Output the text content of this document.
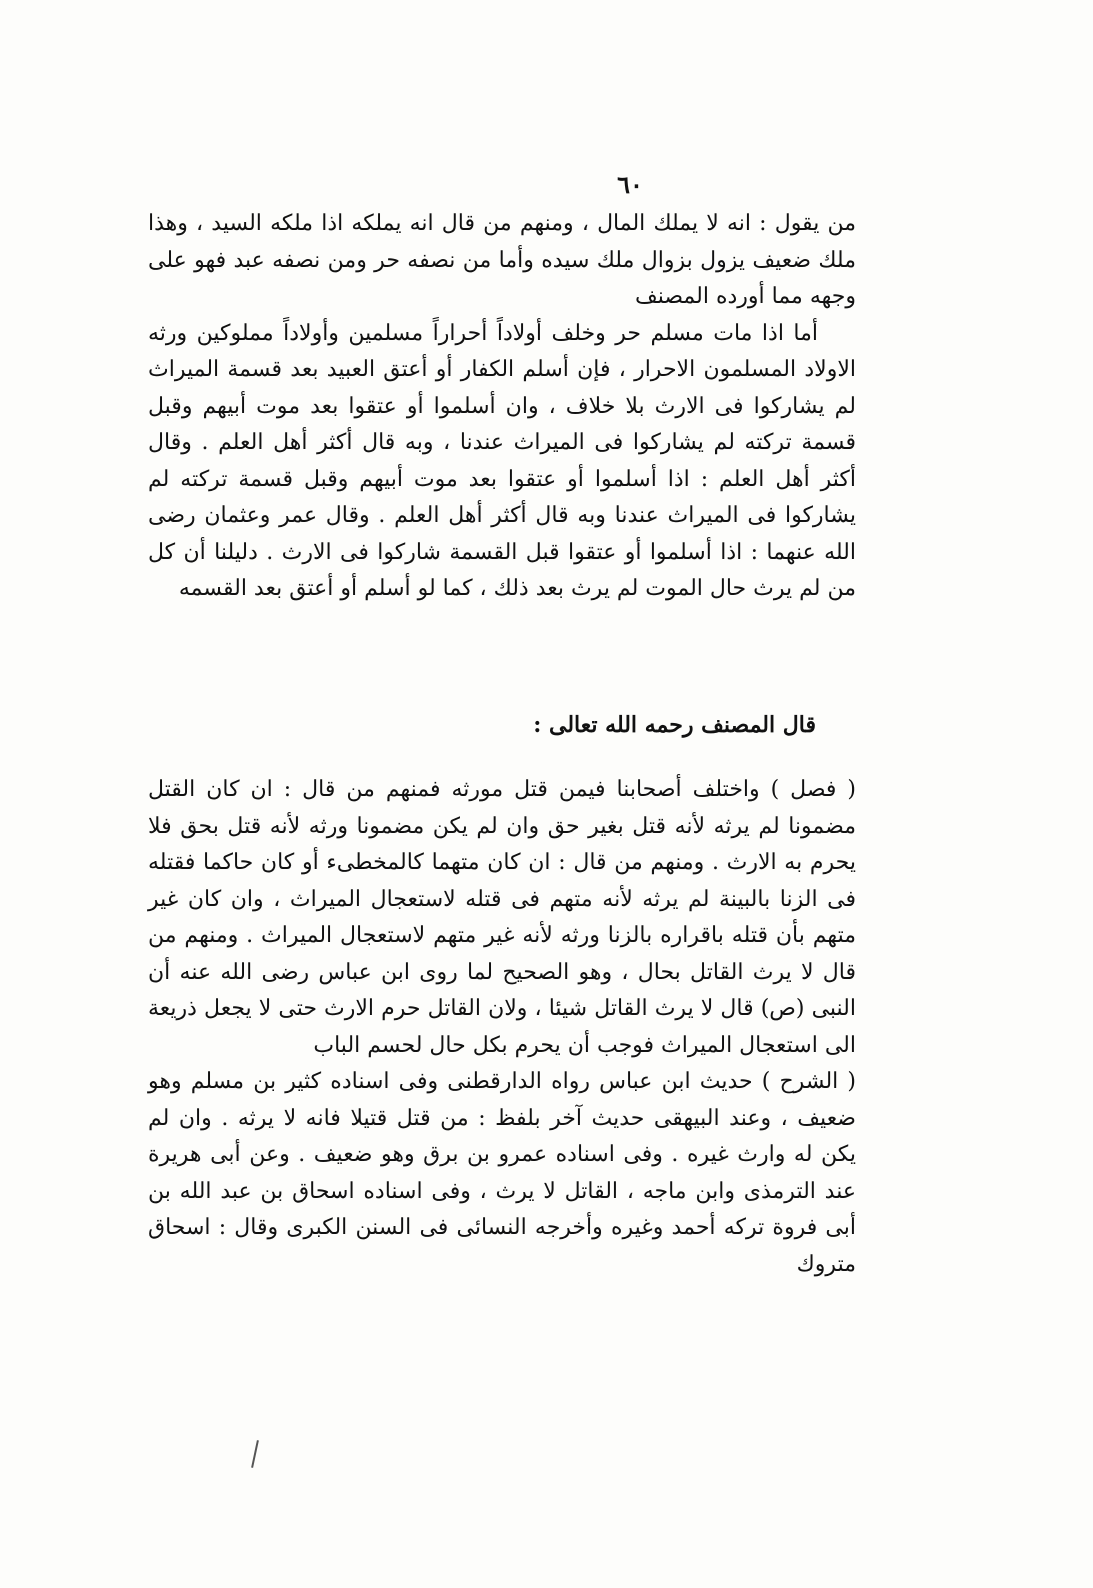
٦٠

من يقول : انه لا يملك المال ، ومنهم من قال انه يملكه اذا ملكه السيد ، وهذا ملك ضعيف يزول بزوال ملك سيده وأما من نصفه حر ومن نصفه عبد فهو على وجهه مما أورده المصنف

أما اذا مات مسلم حر وخلف أولاداً أحراراً مسلمين وأولاداً مملوكين ورثه الاولاد المسلمون الاحرار ، فإن أسلم الكفار أو أعتق العبيد بعد قسمة الميراث لم يشاركوا فى الارث بلا خلاف ، وان أسلموا أو عتقوا بعد موت أبيهم وقبل قسمة تركته لم يشاركوا فى الميراث عندنا ، وبه قال أكثر أهل العلم . وقال أكثر أهل العلم : اذا أسلموا أو عتقوا بعد موت أبيهم وقبل قسمة تركته لم يشاركوا فى الميراث عندنا وبه قال أكثر أهل العلم . وقال عمر وعثمان رضى الله عنهما : اذا أسلموا أو عتقوا قبل القسمة شاركوا فى الارث . دليلنا أن كل من لم يرث حال الموت لم يرث بعد ذلك ، كما لو أسلم أو أعتق بعد القسمه

قال المصنف رحمه الله تعالى :

( فصل ) واختلف أصحابنا فيمن قتل مورثه فمنهم من قال : ان كان القتل مضمونا لم يرثه لأنه قتل بغير حق وان لم يكن مضمونا ورثه لأنه قتل بحق فلا يحرم به الارث . ومنهم من قال : ان كان متهما كالمخطىء أو كان حاكما فقتله فى الزنا بالبينة لم يرثه لأنه متهم فى قتله لاستعجال الميراث ، وان كان غير متهم بأن قتله باقراره بالزنا ورثه لأنه غير متهم لاستعجال الميراث . ومنهم من قال لا يرث القاتل بحال ، وهو الصحيح لما روى ابن عباس رضى الله عنه أن النبى (ص) قال لا يرث القاتل شيئا ، ولان القاتل حرم الارث حتى لا يجعل ذريعة الى استعجال الميراث فوجب أن يحرم بكل حال لحسم الباب

( الشرح ) حديث ابن عباس رواه الدارقطنى وفى اسناده كثير بن مسلم وهو ضعيف ، وعند البيهقى حديث آخر بلفظ : من قتل قتيلا فانه لا يرثه . وان لم يكن له وارث غيره . وفى اسناده عمرو بن برق وهو ضعيف . وعن أبى هريرة عند الترمذى وابن ماجه ، القاتل لا يرث ، وفى اسناده اسحاق بن عبد الله بن أبى فروة تركه أحمد وغيره وأخرجه النسائى فى السنن الكبرى وقال : اسحاق متروك
